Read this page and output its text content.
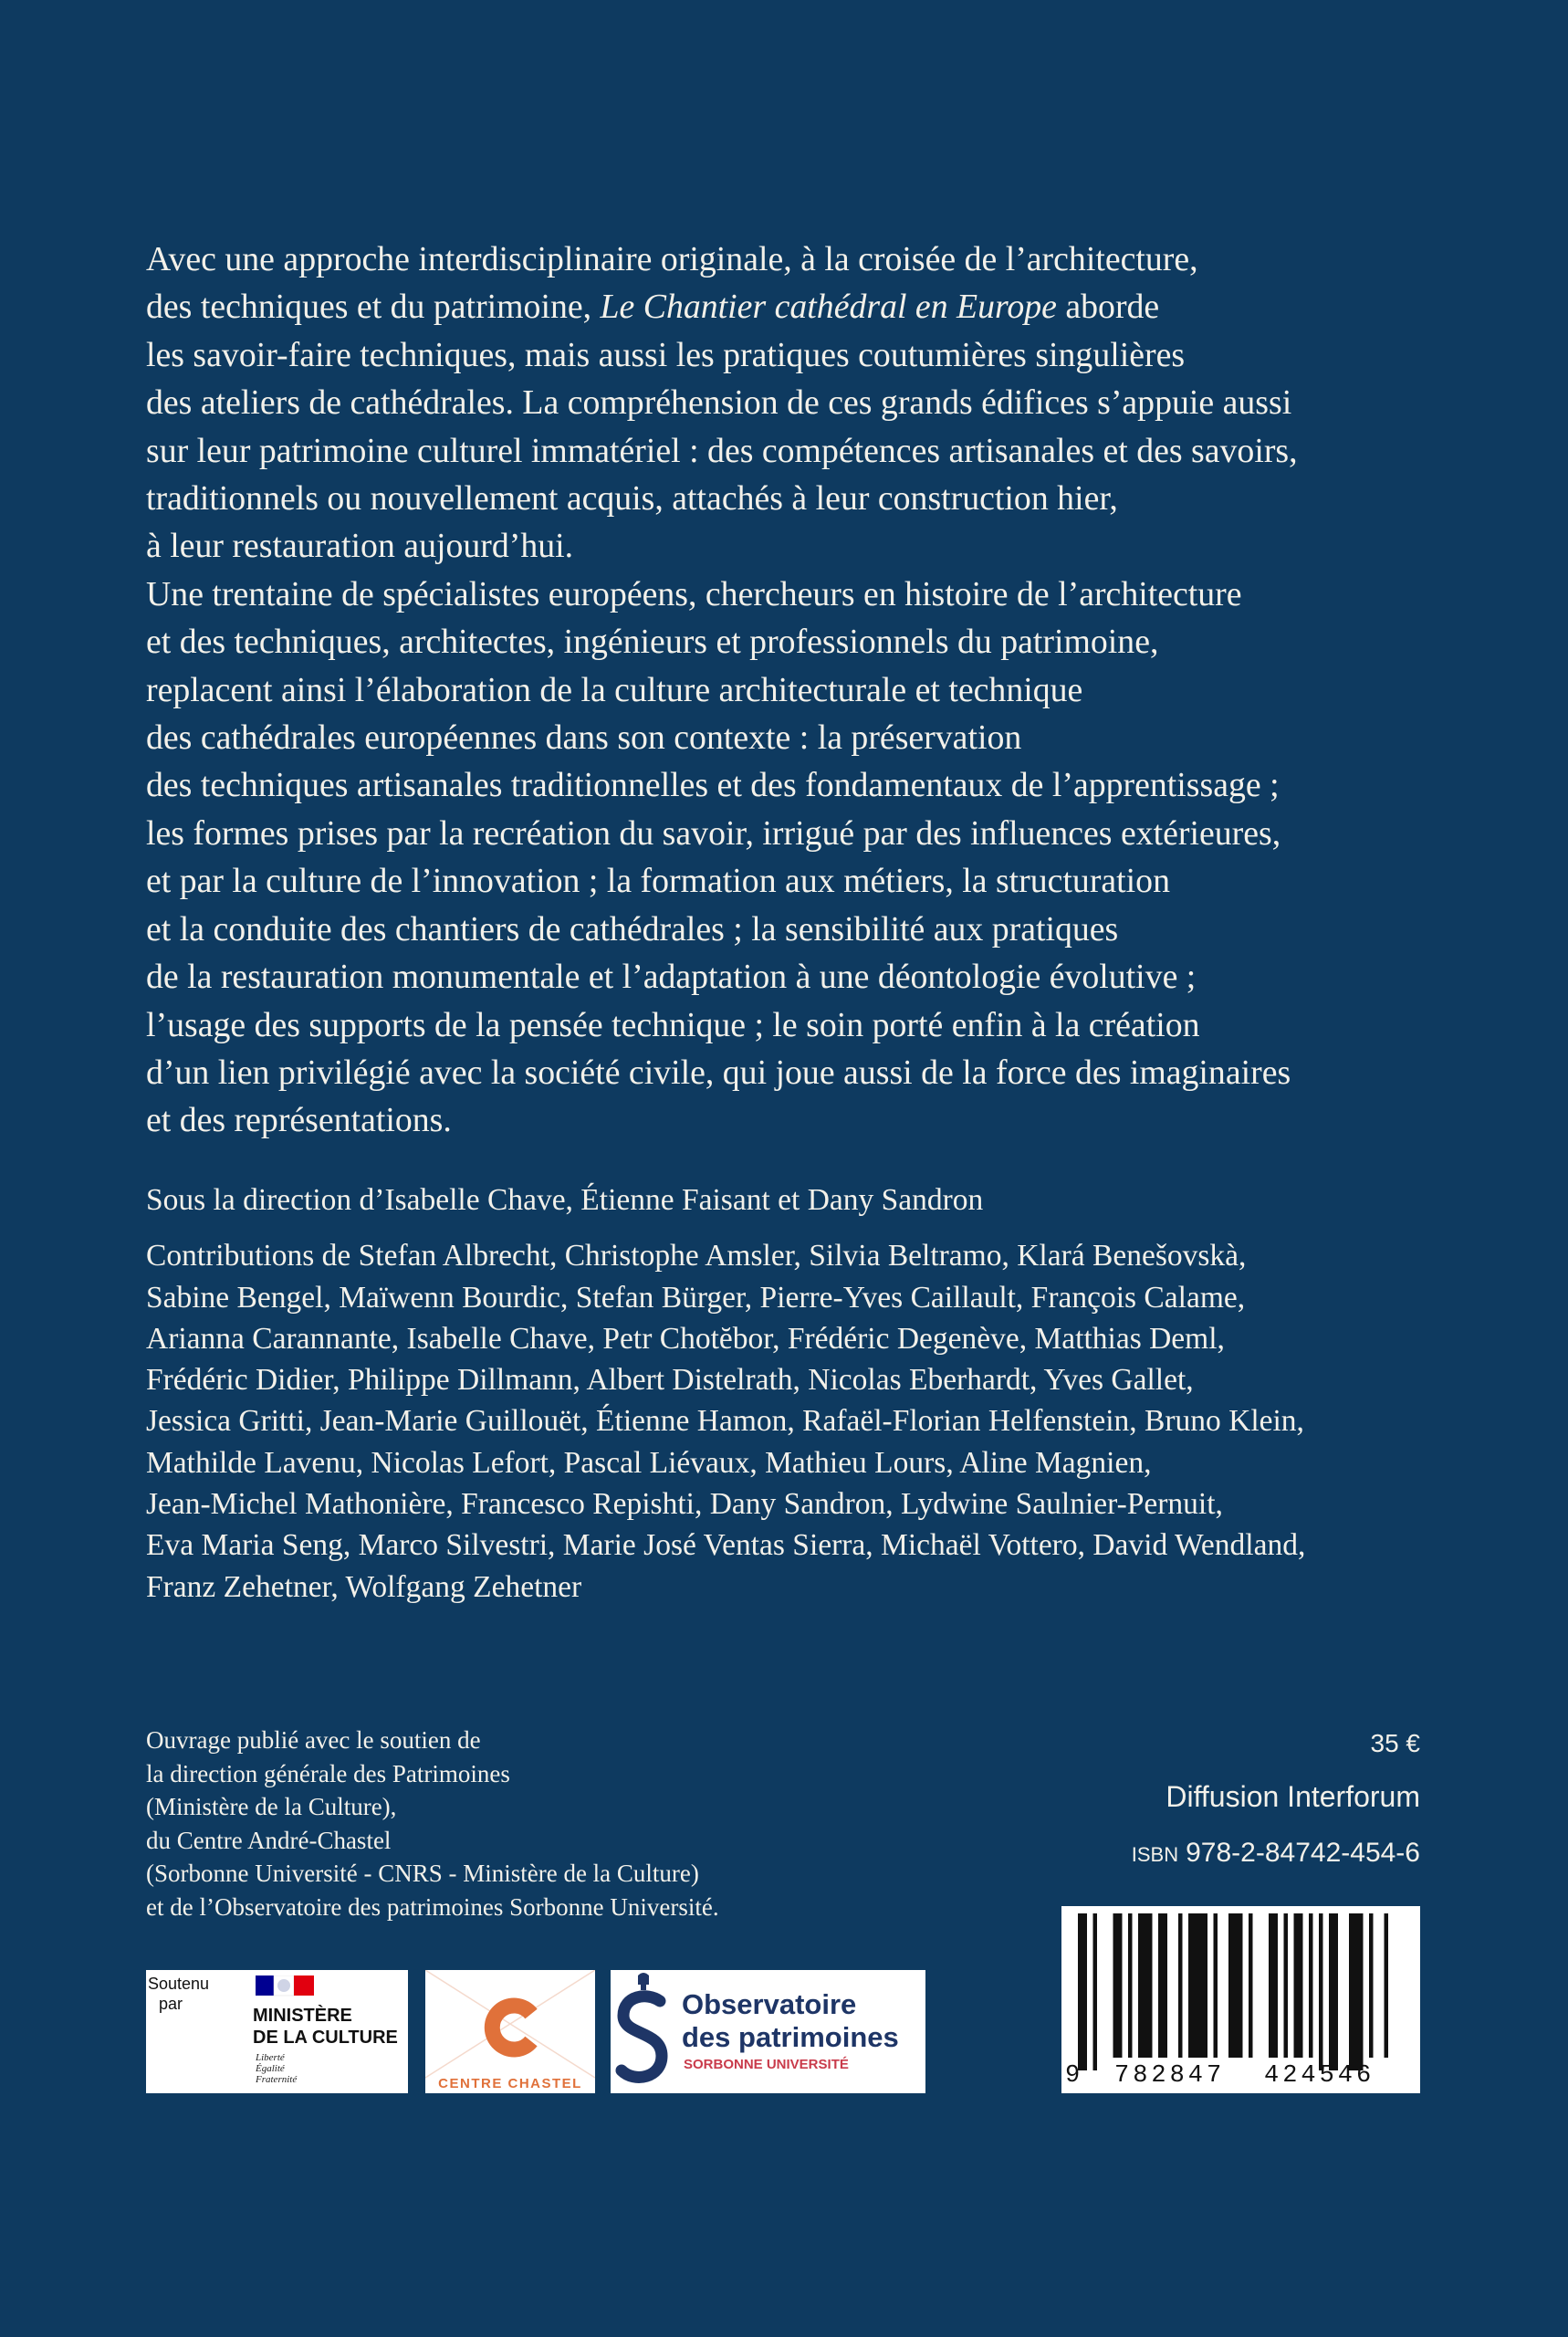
Avec une approche interdisciplinaire originale, à la croisée de l’architecture,
des techniques et du patrimoine, Le Chantier cathédral en Europe aborde
les savoir-faire techniques, mais aussi les pratiques coutumières singulières
des ateliers de cathédrales. La compréhension de ces grands édifices s’appuie aussi
sur leur patrimoine culturel immatériel : des compétences artisanales et des savoirs,
traditionnels ou nouvellement acquis, attachés à leur construction hier,
à leur restauration aujourd’hui.
Une trentaine de spécialistes européens, chercheurs en histoire de l’architecture
et des techniques, architectes, ingénieurs et professionnels du patrimoine,
replacent ainsi l’élaboration de la culture architecturale et technique
des cathédrales européennes dans son contexte : la préservation
des techniques artisanales traditionnelles et des fondamentaux de l’apprentissage ;
les formes prises par la recréation du savoir, irrigué par des influences extérieures,
et par la culture de l’innovation ; la formation aux métiers, la structuration
et la conduite des chantiers de cathédrales ; la sensibilité aux pratiques
de la restauration monumentale et l’adaptation à une déontologie évolutive ;
l’usage des supports de la pensée technique ; le soin porté enfin à la création
d’un lien privilégié avec la société civile, qui joue aussi de la force des imaginaires
et des représentations.
Sous la direction d’Isabelle Chave, Étienne Faisant et Dany Sandron
Contributions de Stefan Albrecht, Christophe Amsler, Silvia Beltramo, Klará Benešovskà,
Sabine Bengel, Maïwenn Bourdic, Stefan Bürger, Pierre-Yves Caillault, François Calame,
Arianna Carannante, Isabelle Chave, Petr Chotĕbor, Frédéric Degenève, Matthias Deml,
Frédéric Didier, Philippe Dillmann, Albert Distelrath, Nicolas Eberhardt, Yves Gallet,
Jessica Gritti, Jean-Marie Guillouët, Étienne Hamon, Rafaël-Florian Helfenstein, Bruno Klein,
Mathilde Lavenu, Nicolas Lefort, Pascal Liévaux, Mathieu Lours, Aline Magnien,
Jean-Michel Mathonière, Francesco Repishti, Dany Sandron, Lydwine Saulnier-Pernuit,
Eva Maria Seng, Marco Silvestri, Marie José Ventas Sierra, Michaël Vottero, David Wendland,
Franz Zehetner, Wolfgang Zehetner
Ouvrage publié avec le soutien de
la direction générale des Patrimoines
(Ministère de la Culture),
du Centre André-Chastel
(Sorbonne Université - CNRS - Ministère de la Culture)
et de l’Observatoire des patrimoines Sorbonne Université.
35 €
Diffusion Interforum
ISBN 978-2-84742-454-6
9 782847 424546
Soutenu par
MINISTÈRE
DE LA CULTURE
Liberté
Égalité
Fraternité	CENTRE CHASTEL
Observatoire
des patrimoines
SORBONNE UNIVERSITÉ
